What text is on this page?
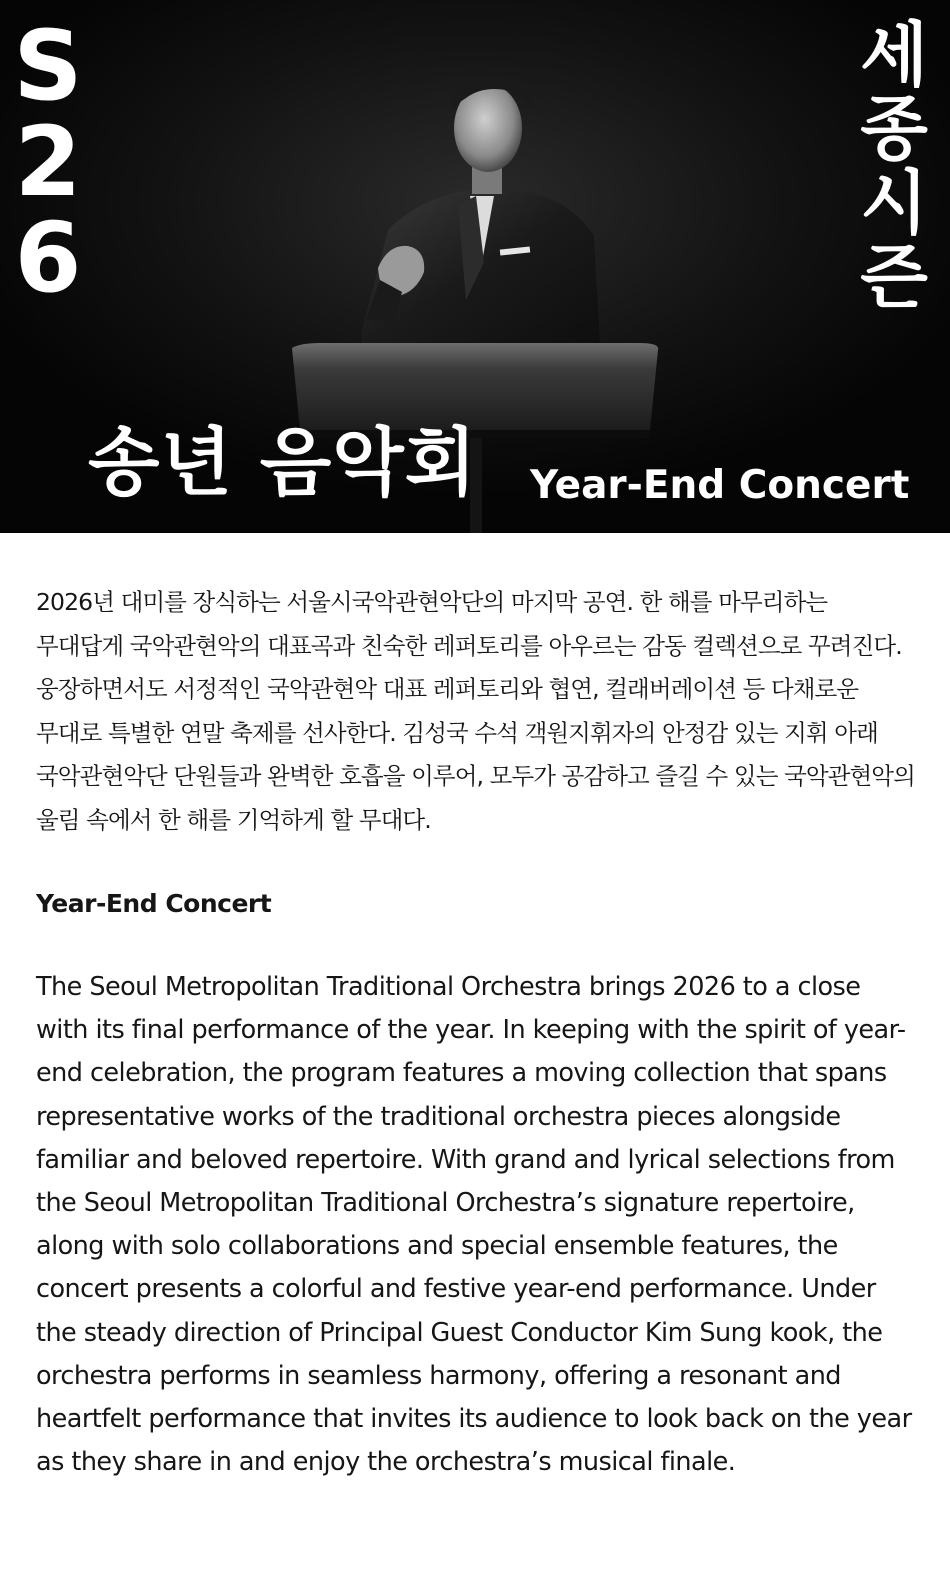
S
2
6
세
종
시
즌
송년 음악회 Year-End Concert

2026년 대미를 장식하는 서울시국악관현악단의 마지막 공연. 한 해를 마무리하는 무대답게 국악관현악의 대표곡과 친숙한 레퍼토리를 아우르는 감동 컬렉션으로 꾸려진다. 웅장하면서도 서정적인 국악관현악 대표 레퍼토리와 협연, 컬래버레이션 등 다채로운 무대로 특별한 연말 축제를 선사한다. 김성국 수석 객원지휘자의 안정감 있는 지휘 아래 국악관현악단 단원들과 완벽한 호흡을 이루어, 모두가 공감하고 즐길 수 있는 국악관현악의 울림 속에서 한 해를 기억하게 할 무대다.

Year-End Concert

The Seoul Metropolitan Traditional Orchestra brings 2026 to a close with its final performance of the year. In keeping with the spirit of year-end celebration, the program features a moving collection that spans representative works of the traditional orchestra pieces alongside familiar and beloved repertoire. With grand and lyrical selections from the Seoul Metropolitan Traditional Orchestra’s signature repertoire, along with solo collaborations and special ensemble features, the concert presents a colorful and festive year-end performance. Under the steady direction of Principal Guest Conductor Kim Sung kook, the orchestra performs in seamless harmony, offering a resonant and heartfelt performance that invites its audience to look back on the year as they share in and enjoy the orchestra’s musical finale.
